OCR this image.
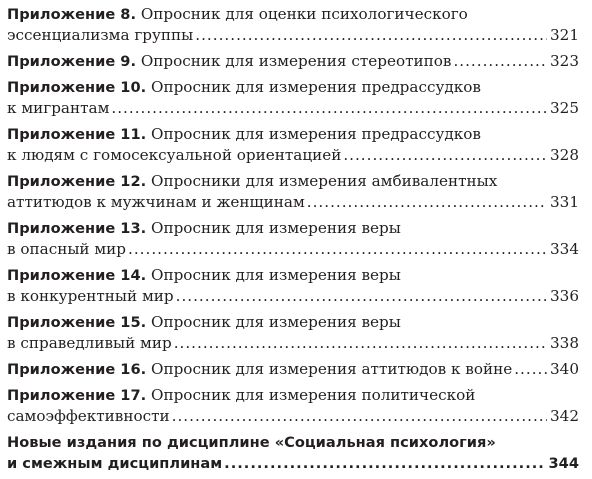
Приложение 8. Опросник для оценки психологического
эссенциализма группы .....	321
Приложение 9. Опросник для измерения стереотипов .....	323
Приложение 10. Опросник для измерения предрассудков
к мигрантам .....	325
Приложение 11. Опросник для измерения предрассудков
к людям с гомосексуальной ориентацией .....	328
Приложение 12. Опросники для измерения амбивалентных
аттитюдов к мужчинам и женщинам .....	331
Приложение 13. Опросник для измерения веры
в опасный мир .....	334
Приложение 14. Опросник для измерения веры
в конкурентный мир .....	336
Приложение 15. Опросник для измерения веры
в справедливый мир .....	338
Приложение 16. Опросник для измерения аттитюдов к войне ..... 340
Приложение 17. Опросник для измерения политической
самоэффективности .....	342
Новые издания по дисциплине «Социальная психология»
и смежным дисциплинам .....	344
